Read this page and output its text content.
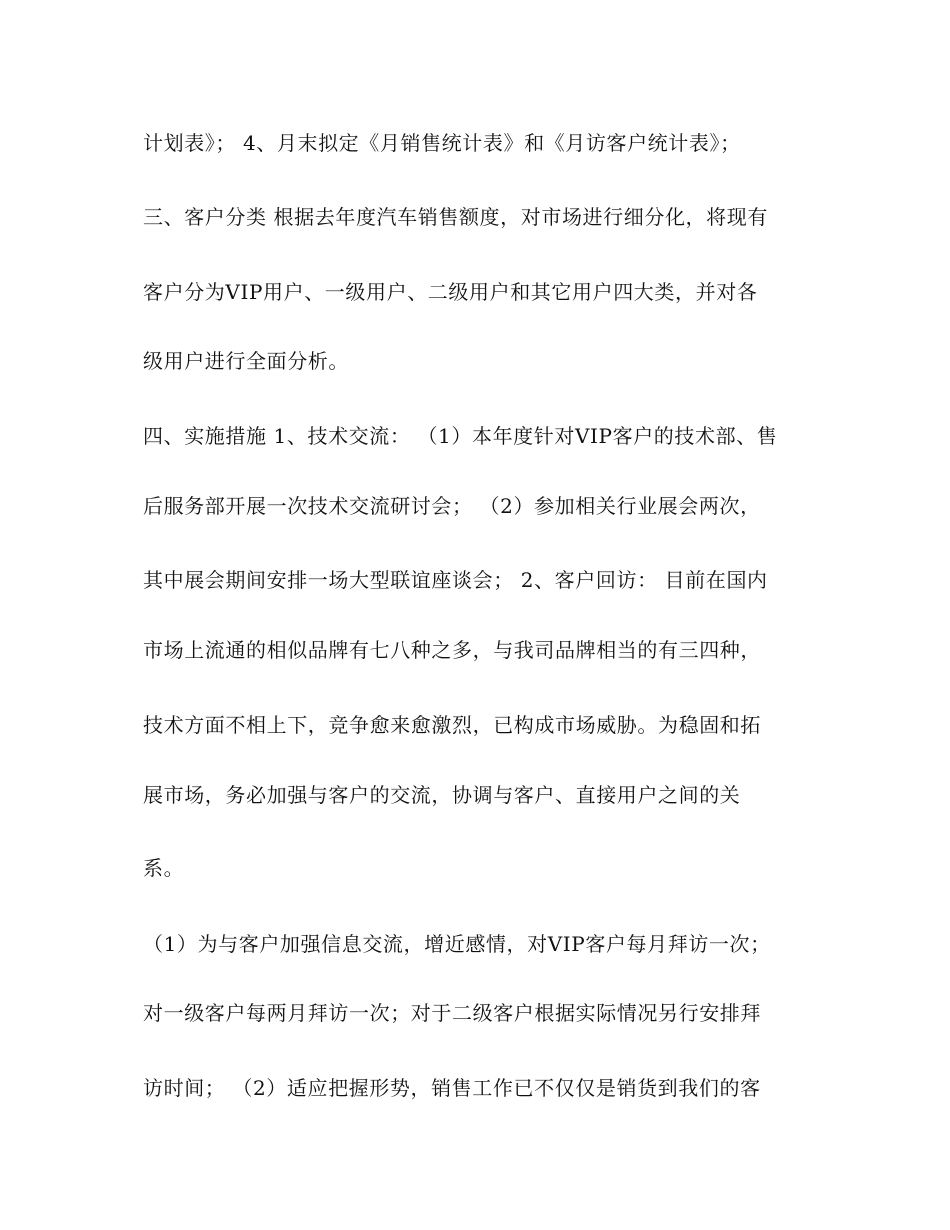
计划表》； 4、月末拟定《月销售统计表》和《月访客户统计表》；
三、客户分类 根据去年度汽车销售额度，对市场进行细分化，将现有
客户分为VIP用户、一级用户、二级用户和其它用户四大类，并对各
级用户进行全面分析。
四、实施措施 1、技术交流： （1）本年度针对VIP客户的技术部、售
后服务部开展一次技术交流研讨会； （2）参加相关行业展会两次，
其中展会期间安排一场大型联谊座谈会； 2、客户回访： 目前在国内
市场上流通的相似品牌有七八种之多，与我司品牌相当的有三四种，
技术方面不相上下，竞争愈来愈激烈，已构成市场威胁。为稳固和拓
展市场，务必加强与客户的交流，协调与客户、直接用户之间的关
系。
（1）为与客户加强信息交流，增近感情，对VIP客户每月拜访一次；
对一级客户每两月拜访一次；对于二级客户根据实际情况另行安排拜
访时间； （2）适应把握形势，销售工作已不仅仅是销货到我们的客
